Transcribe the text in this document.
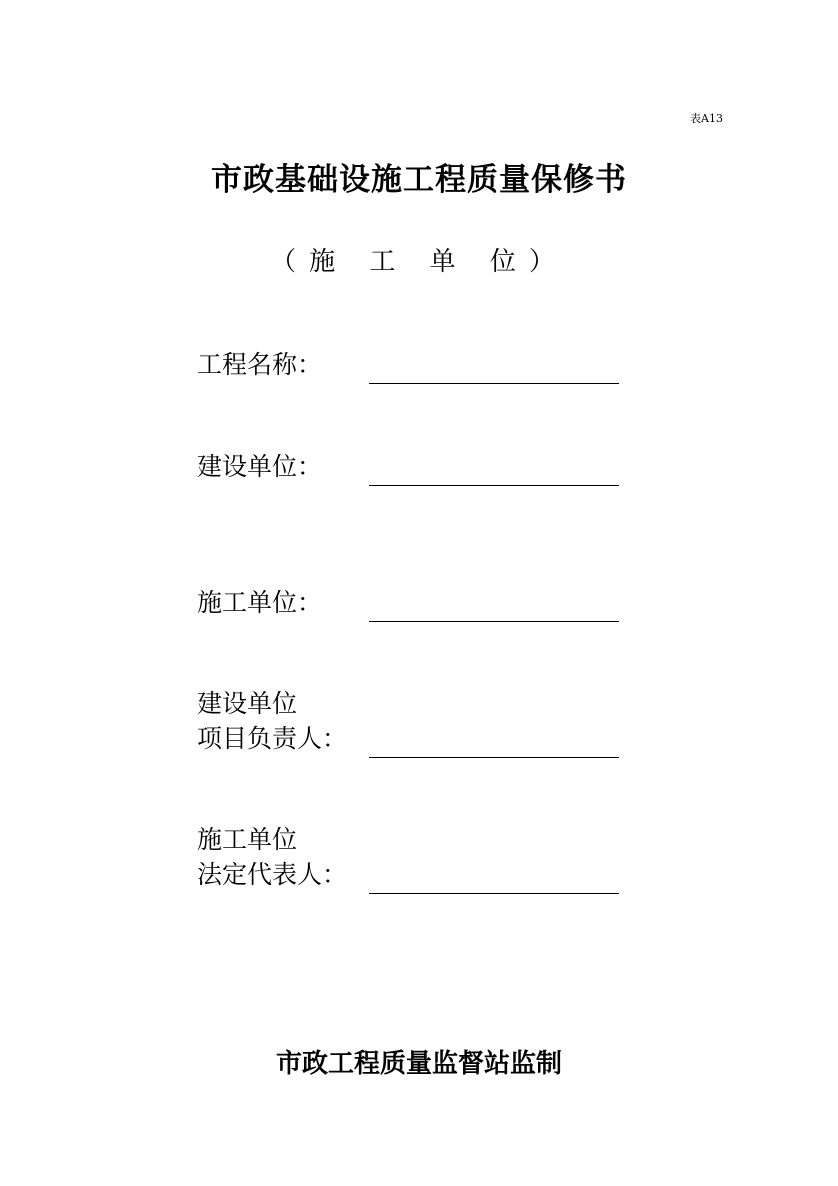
表A13
市政基础设施工程质量保修书
（施 工 单 位）
工程名称：
建设单位：
施工单位：
建设单位
项目负责人：
施工单位
法定代表人：
市政工程质量监督站监制
